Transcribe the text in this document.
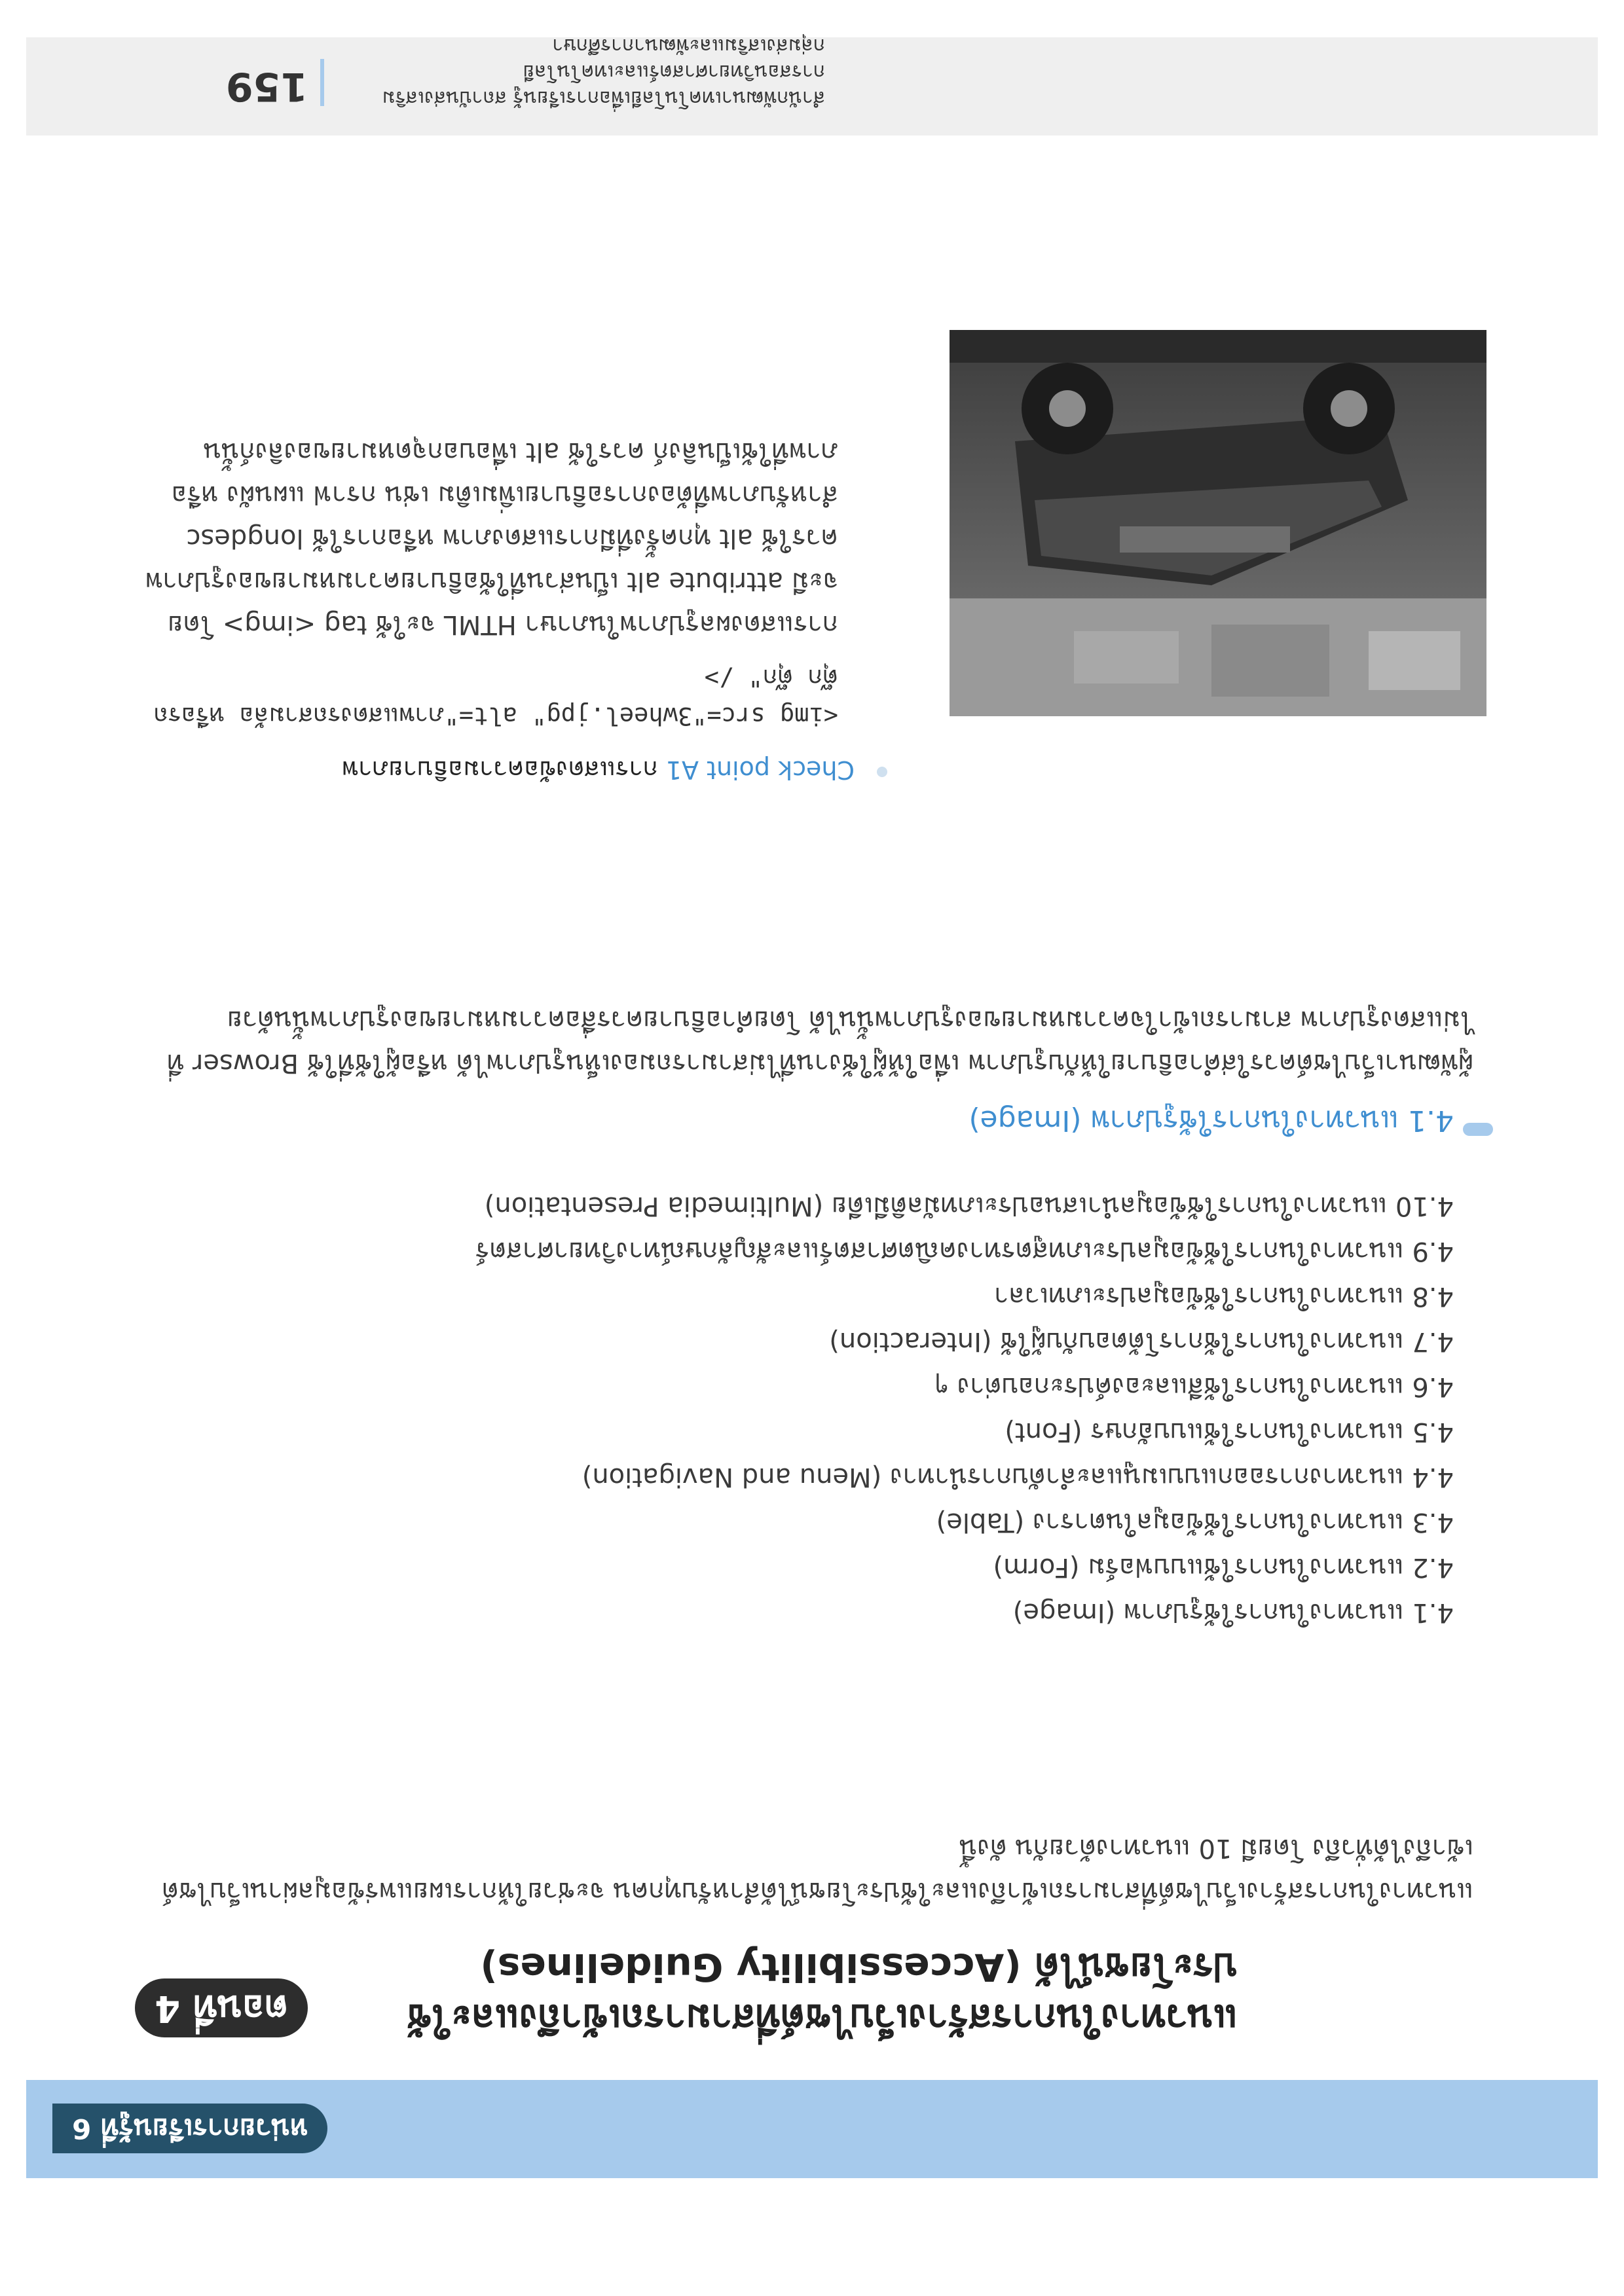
หน่วยการเรียนรู้ที่ 6
ตอนที่ 4	แนวทางในการสร้างเว็บไซต์ที่สามารถเข้าถึงและใช้ประโยชน์ได้ (Accessibility Guidelines)
แนวทางในการสร้างเว็บไซต์ที่สามารถเข้าถึงและใช้ประโยชน์ได้สำหรับทุกคน จะช่วยให้การเผยแพร่ข้อมูลผ่านเว็บไซต์เข้าถึงได้ทั่วถึง โดยมี 10 แนวทางด้วยกัน ดังนี้
4.1 แนวทางในการใช้รูปภาพ (Image)
4.2 แนวทางในการใช้แบบฟอร์ม (Form)
4.3 แนวทางในการใช้ข้อมูลในตาราง (Table)
4.4 แนวทางการออกแบบเมนูและลำดับการนำทาง (Menu and Navigation)
4.5 แนวทางในการใช้แบบอักษร (Font)
4.6 แนวทางในการใช้สีและองค์ประกอบต่าง ๆ
4.7 แนวทางในการใช้การโต้ตอบกับผู้ใช้ (Interaction)
4.8 แนวทางในการใช้ข้อมูลประเภทเวลา
4.9 แนวทางในการใช้ข้อมูลประเภทสูตรทางคณิตศาสตร์และสัญลักษณ์ทางวิทยาศาสตร์
4.10 แนวทางในการใช้ข้อมูลนำเสนอประเภทมัลติมีเดีย (Multimedia Presentation)
4.1 แนวทางในการใช้รูปภาพ (Image)
ผู้พัฒนาเว็บไซต์ควรใส่คำอธิบายให้กับรูปภาพ เพื่อให้ผู้ใช้งานที่ไม่สามารถมองเห็นรูปภาพได้ หรือผู้ใช้ที่ใช้ Browser ที่ไม่แสดงรูปภาพ สามารถเข้าใจความหมายของรูปภาพนั้นได้ โดยคำอธิบายควรสื่อความหมายของรูปภาพนั้นด้วย
Check point A1 การแสดงข้อความอธิบายภาพ
<img src="3wheel.jpg" alt="ภาพแสดงรถสามล้อ หรือรถตุ๊ก ตุ๊ก" />
การแสดงผลรูปภาพในภาษา HTML จะใช้ tag <img> โดยจะมี attribute alt เป็นส่วนที่ใช้อธิบายความหมายของรูปภาพ ควรใช้ alt ทุกครั้งที่มีการแสดงภาพ หรือการใช้ longdesc สำหรับภาพที่ต้องการอธิบายเพิ่มเติม เช่น กราฟ แผนผัง หรือภาพที่ใช้เป็นลิงก์ ควรใช้ alt เพื่อบอกจุดหมายของลิงก์นั้น
สำนักพัฒนาเทคโนโลยีเพื่อการเรียนรู้ สถาบันส่งเสริมการสอนวิทยาศาสตร์และเทคโนโลยี
กลุ่มส่งเสริมและพัฒนาการศึกษา
159
